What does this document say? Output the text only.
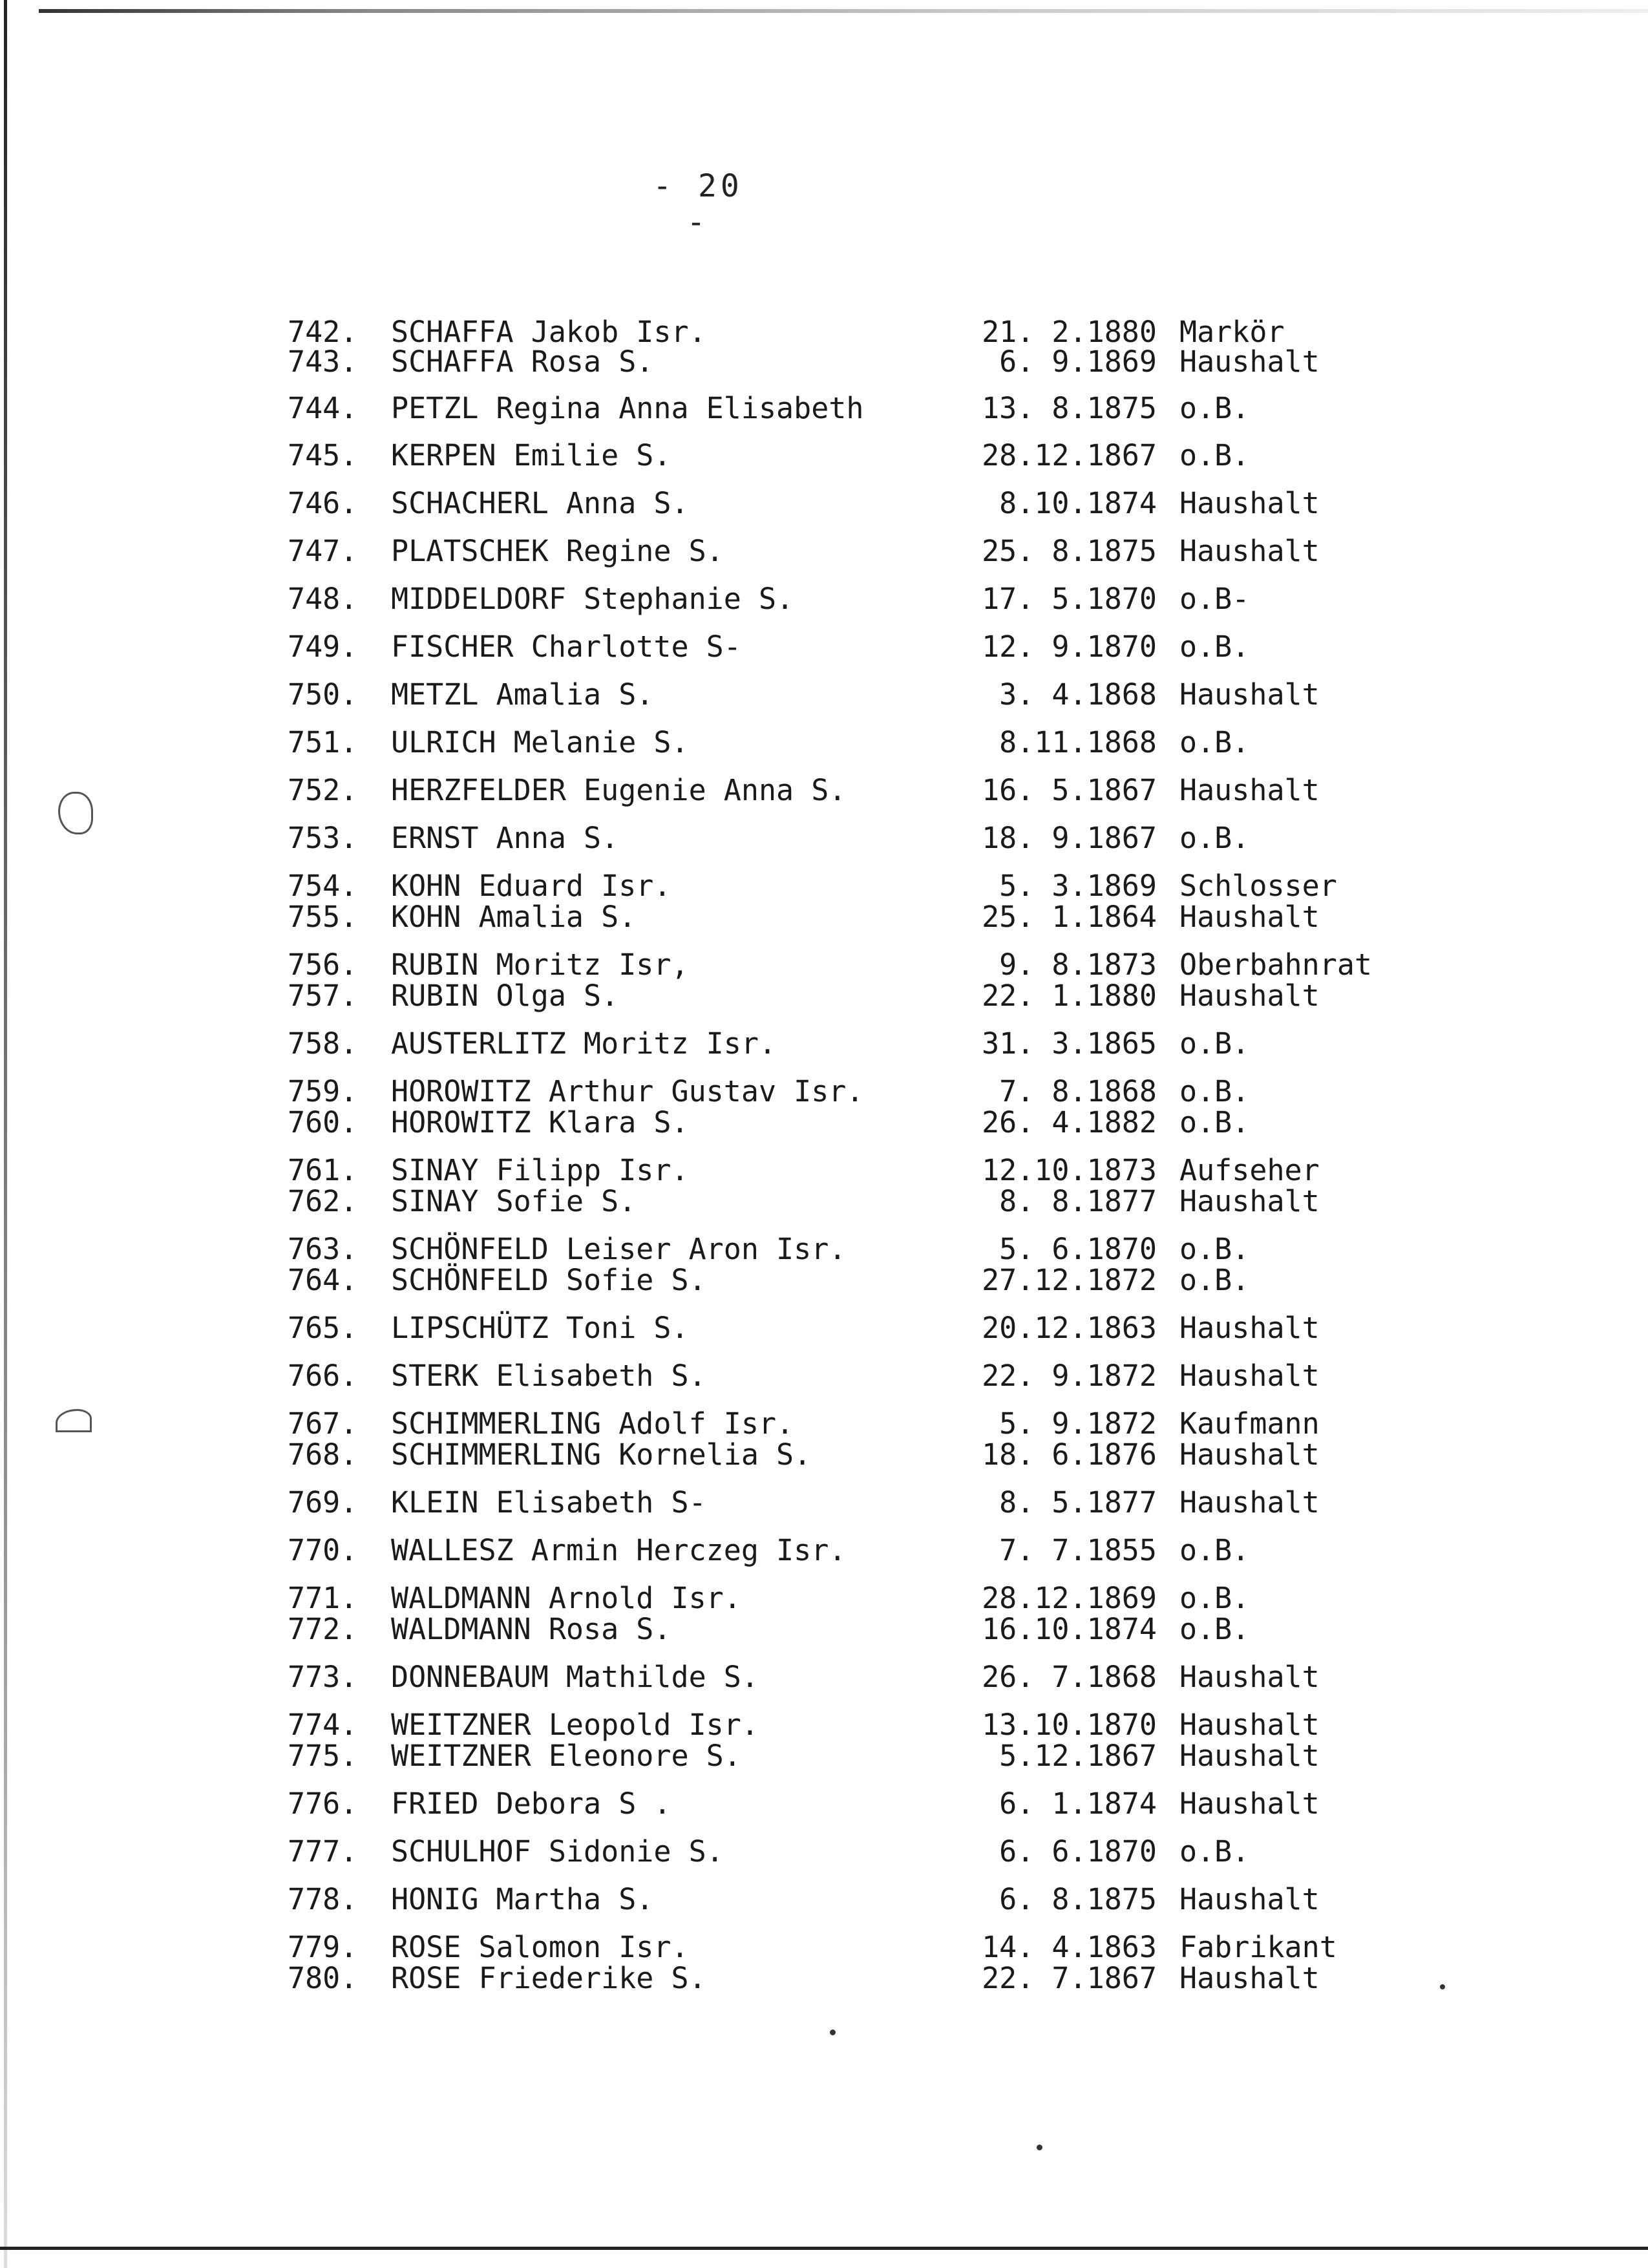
- 20 -
742.	SCHAFFA Jakob Isr.	21. 2.1880 Markör
743.	SCHAFFA Rosa S.	6. 9.1869 Haushalt
744.	PETZL Regina Anna Elisabeth	13. 8.1875 o.B.
745.	KERPEN Emilie S.	28.12.1867 o.B.
746.	SCHACHERL Anna S.	8.10.1874 Haushalt
747.	PLATSCHEK Regine S.	25. 8.1875 Haushalt
748.	MIDDELDORF Stephanie S.	17. 5.1870 o.B-
749.	FISCHER Charlotte S-	12. 9.1870 o.B.
750.	METZL Amalia S.	3. 4.1868 Haushalt
751.	ULRICH Melanie S.	8.11.1868 o.B.
752.	HERZFELDER Eugenie Anna S.	16. 5.1867 Haushalt
753.	ERNST Anna S.	18. 9.1867 o.B.
754.	KOHN Eduard Isr.	5. 3.1869 Schlosser
755.	KOHN Amalia S.	25. 1.1864 Haushalt
756.	RUBIN Moritz Isr,	9. 8.1873 Oberbahnrat
757.	RUBIN Olga S.	22. 1.1880 Haushalt
758.	AUSTERLITZ Moritz Isr.	31. 3.1865 o.B.
759.	HOROWITZ Arthur Gustav Isr.	7. 8.1868 o.B.
760.	HOROWITZ Klara S.	26. 4.1882 o.B.
761.	SINAY Filipp Isr.	12.10.1873 Aufseher
762.	SINAY Sofie S.	8. 8.1877 Haushalt
763.	SCHÖNFELD Leiser Aron Isr.	5. 6.1870 o.B.
764.	SCHÖNFELD Sofie S.	27.12.1872 o.B.
765.	LIPSCHÜTZ Toni S.	20.12.1863 Haushalt
766.	STERK Elisabeth S.	22. 9.1872 Haushalt
767.	SCHIMMERLING Adolf Isr.	5. 9.1872 Kaufmann
768.	SCHIMMERLING Kornelia S.	18. 6.1876 Haushalt
769.	KLEIN Elisabeth S-	8. 5.1877 Haushalt
770.	WALLESZ Armin Herczeg Isr.	7. 7.1855 o.B.
771.	WALDMANN Arnold Isr.	28.12.1869 o.B.
772.	WALDMANN Rosa S.	16.10.1874 o.B.
773.	DONNEBAUM Mathilde S.	26. 7.1868 Haushalt
774.	WEITZNER Leopold Isr.	13.10.1870 Haushalt
775.	WEITZNER Eleonore S.	5.12.1867 Haushalt
776.	FRIED Debora S .	6. 1.1874 Haushalt
777.	SCHULHOF Sidonie S.	6. 6.1870 o.B.
778.	HONIG Martha S.	6. 8.1875 Haushalt
779.	ROSE Salomon Isr.	14. 4.1863 Fabrikant
780.	ROSE Friederike S.	22. 7.1867 Haushalt
